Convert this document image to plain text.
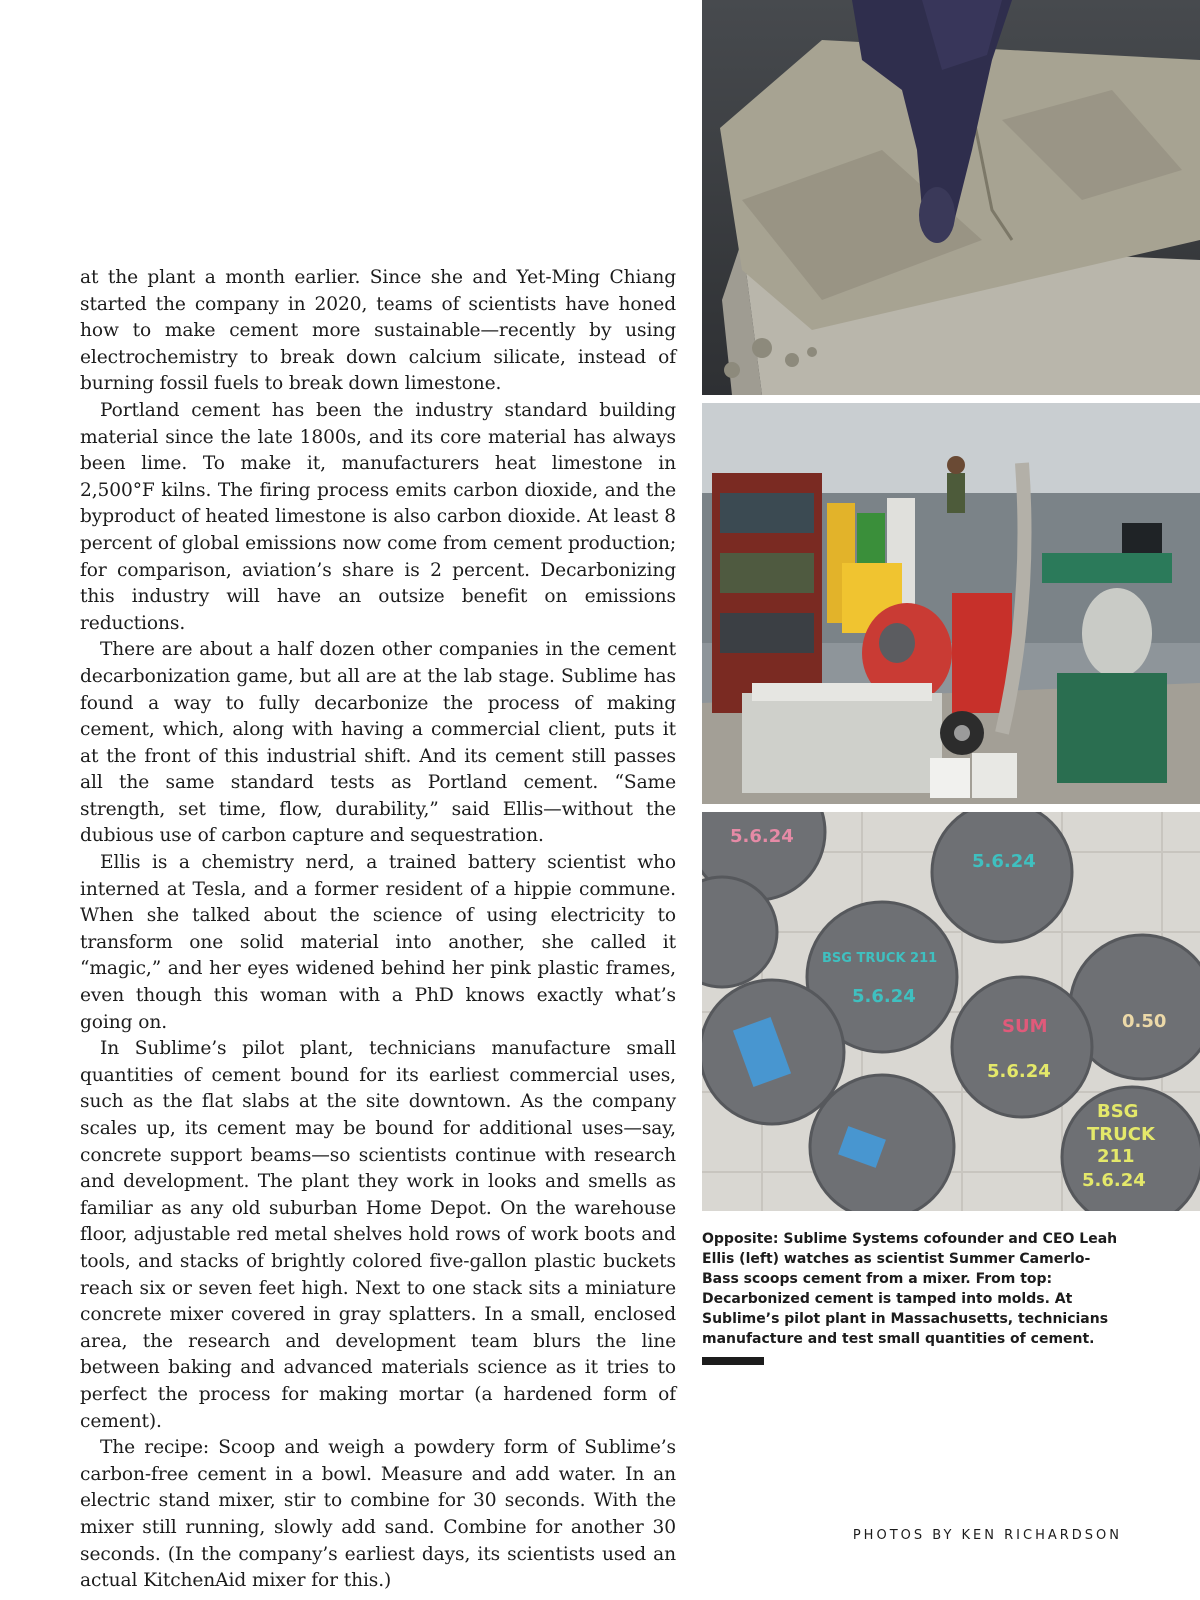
at the plant a month earlier. Since she and Yet-Ming Chiang started the company in 2020, teams of scientists have honed how to make cement more sustainable—recently by using electrochemistry to break down calcium silicate, instead of burning fossil fuels to break down limestone.

Portland cement has been the industry standard building material since the late 1800s, and its core material has always been lime. To make it, manufacturers heat limestone in 2,500°F kilns. The firing process emits carbon dioxide, and the byproduct of heated limestone is also carbon dioxide. At least 8 percent of global emissions now come from cement production; for comparison, aviation’s share is 2 percent. Decarbonizing this industry will have an outsize benefit on emissions reductions.

There are about a half dozen other companies in the cement decarbonization game, but all are at the lab stage. Sublime has found a way to fully decarbonize the process of making cement, which, along with having a commercial client, puts it at the front of this industrial shift. And its cement still passes all the same standard tests as Portland cement. “Same strength, set time, flow, durability,” said Ellis—without the dubious use of carbon capture and sequestration.

Ellis is a chemistry nerd, a trained battery scientist who interned at Tesla, and a former resident of a hippie commune. When she talked about the science of using electricity to transform one solid material into another, she called it “magic,” and her eyes widened behind her pink plastic frames, even though this woman with a PhD knows exactly what’s going on.

In Sublime’s pilot plant, technicians manufacture small quantities of cement bound for its earliest commercial uses, such as the flat slabs at the site downtown. As the company scales up, its cement may be bound for additional uses—say, concrete support beams—so scientists continue with research and development. The plant they work in looks and smells as familiar as any old suburban Home Depot. On the warehouse floor, adjustable red metal shelves hold rows of work boots and tools, and stacks of brightly colored five-gallon plastic buckets reach six or seven feet high. Next to one stack sits a miniature concrete mixer covered in gray splatters. In a small, enclosed area, the research and development team blurs the line between baking and advanced materials science as it tries to perfect the process for making mortar (a hardened form of cement).

The recipe: Scoop and weigh a powdery form of Sublime’s carbon-free cement in a bowl. Measure and add water. In an electric stand mixer, stir to combine for 30 seconds. With the mixer still running, slowly add sand. Combine for another 30 seconds. (In the company’s earliest days, its scientists used an actual KitchenAid mixer for this.)

5.6.24
5.6.24
BSG TRUCK 211
5.6.24
5.6.24
BSG
TRUCK
211
5.6.24
0.50
SUM
Opposite: Sublime Systems cofounder and CEO Leah Ellis (left) watches as scientist Summer Camerlo-Bass scoops cement from a mixer. From top: Decarbonized cement is tamped into molds. At Sublime’s pilot plant in Massachusetts, technicians manufacture and test small quantities of cement.
PHOTOS BY KEN RICHARDSON
